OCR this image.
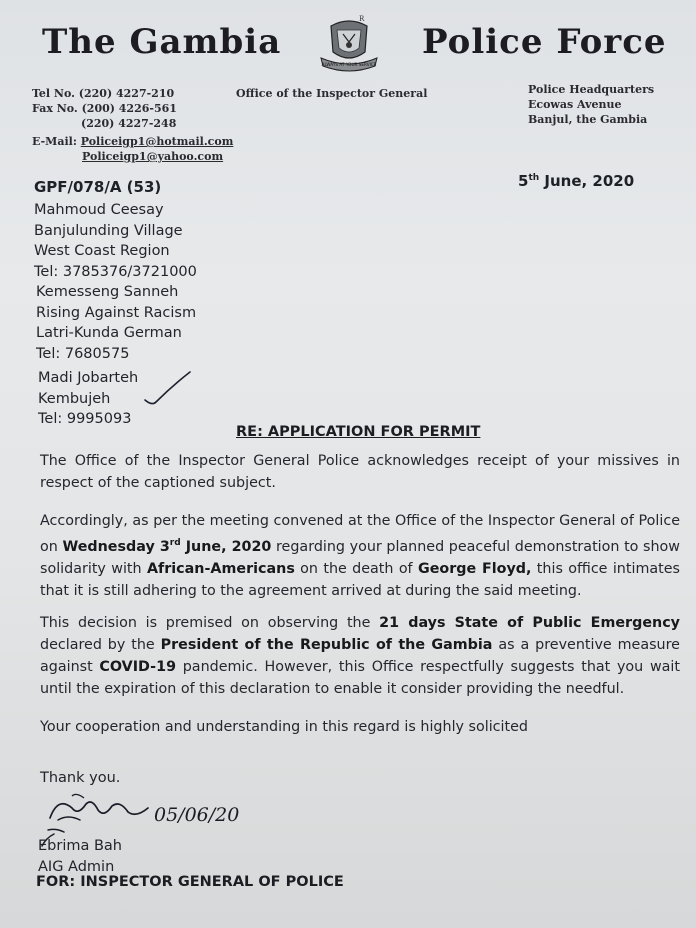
The Gambia	Police Force
R
ALWAYS AT YOUR SERVICE
Tel No. (220) 4227-210
Fax No. (200) 4226-561
(220) 4227-248
E-Mail: Policeigp1@hotmail.com
Policeigp1@yahoo.com
Office of the Inspector General	Police Headquarters
Ecowas Avenue
Banjul, the Gambia
GPF/078/A (53)	5th June, 2020
Mahmoud Ceesay
Banjulunding Village
West Coast Region
Tel: 3785376/3721000
Kemesseng Sanneh
Rising Against Racism
Latri-Kunda German
Tel: 7680575
Madi Jobarteh
Kembujeh
Tel: 9995093
RE: APPLICATION FOR PERMIT
The Office of the Inspector General Police acknowledges receipt of your missives in respect of the captioned subject.
Accordingly, as per the meeting convened at the Office of the Inspector General of Police on Wednesday 3rd June, 2020 regarding your planned peaceful demonstration to show solidarity with African-Americans on the death of George Floyd, this office intimates that it is still adhering to the agreement arrived at during the said meeting.
This decision is premised on observing the 21 days State of Public Emergency declared by the President of the Republic of the Gambia as a preventive measure against COVID-19 pandemic. However, this Office respectfully suggests that you wait until the expiration of this declaration to enable it consider providing the needful.
Your cooperation and understanding in this regard is highly solicited
Thank you.
05/06/20
Ebrima Bah
AIG Admin
FOR: INSPECTOR GENERAL OF POLICE
